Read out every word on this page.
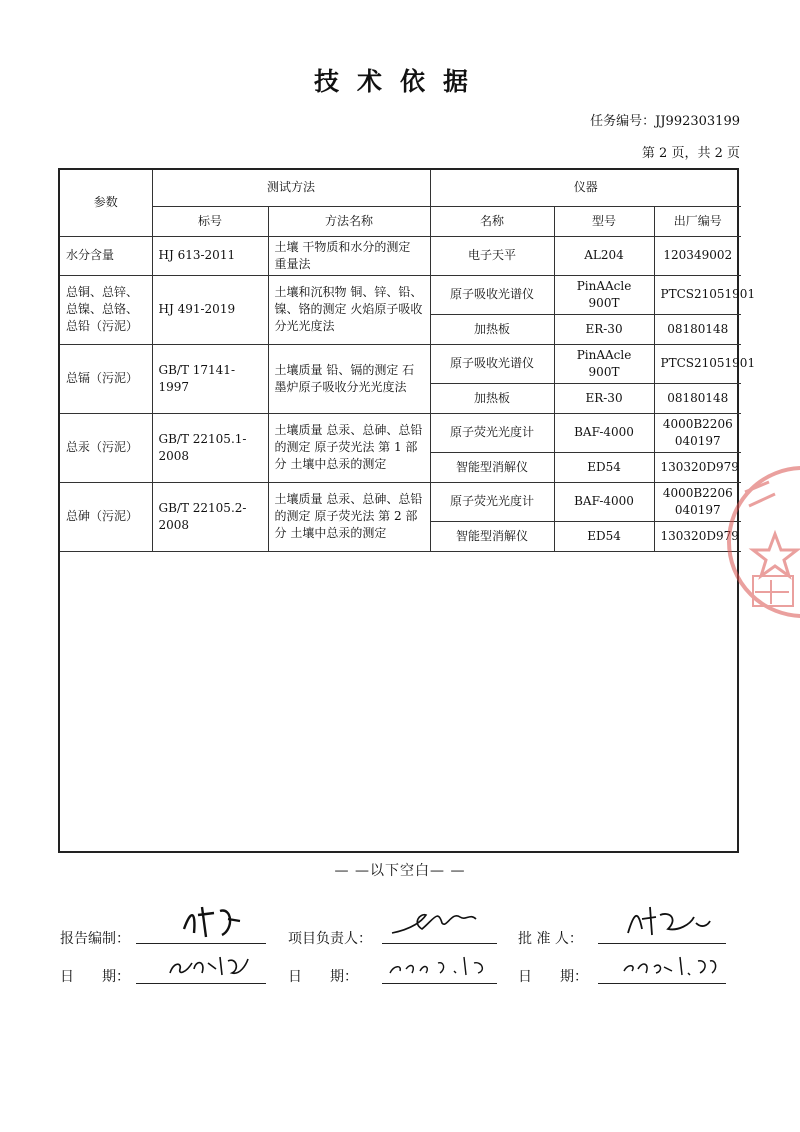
技术依据
任务编号：JJ992303199
第 2 页，共 2 页
参数	测试方法		仪器		
	标号	方法名称	名称	型号	出厂编号
水分含量	HJ 613-2011	土壤 干物质和水分的测定 重量法	电子天平	AL204	120349002
总铜、总锌、总镍、总铬、总铅（污泥）	HJ 491-2019	土壤和沉积物 铜、锌、铅、镍、铬的测定 火焰原子吸收分光光度法	原子吸收光谱仪	PinAAcle 900T	PTCS21051901
			加热板	ER-30	08180148
总镉（污泥）	GB/T 17141-1997	土壤质量 铅、镉的测定 石墨炉原子吸收分光光度法	原子吸收光谱仪	PinAAcle 900T	PTCS21051901
			加热板	ER-30	08180148
总汞（污泥）	GB/T 22105.1-2008	土壤质量 总汞、总砷、总铅的测定 原子荧光法 第 1 部分 土壤中总汞的测定	原子荧光光度计	BAF-4000	4000B2206040197
			智能型消解仪	ED54	130320D979
总砷（污泥）	GB/T 22105.2-2008	土壤质量 总汞、总砷、总铅的测定 原子荧光法 第 2 部分 土壤中总汞的测定	原子荧光光度计	BAF-4000	4000B2206040197
			智能型消解仪	ED54	130320D979
— —以下空白— —
报告编制：	项目负责人：	批 准 人：
日　　期：	日　　期：	日　　期：
